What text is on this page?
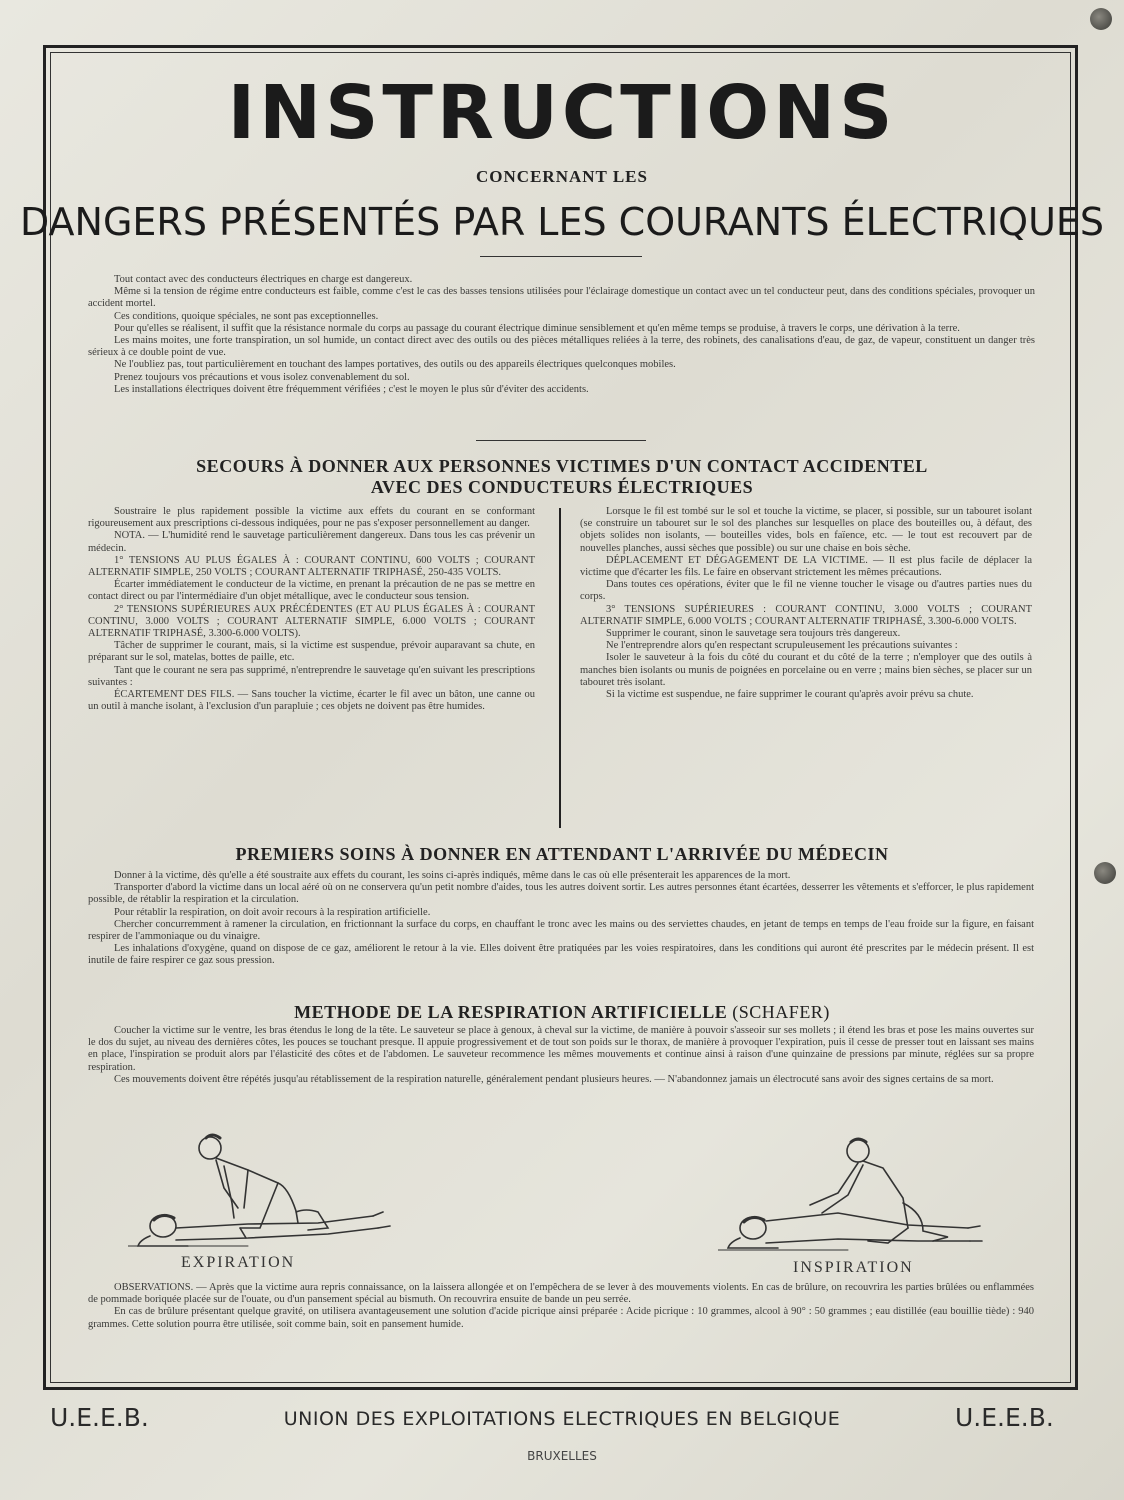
INSTRUCTIONS
CONCERNANT LES
DANGERS PRÉSENTÉS PAR LES COURANTS ÉLECTRIQUES

Tout contact avec des conducteurs électriques en charge est dangereux.

Même si la tension de régime entre conducteurs est faible, comme c'est le cas des basses tensions utilisées pour l'éclairage domestique un contact avec un tel conducteur peut, dans des conditions spéciales, provoquer un accident mortel.

Ces conditions, quoique spéciales, ne sont pas exceptionnelles.

Pour qu'elles se réalisent, il suffit que la résistance normale du corps au passage du courant électrique diminue sensiblement et qu'en même temps se produise, à travers le corps, une dérivation à la terre.

Les mains moites, une forte transpiration, un sol humide, un contact direct avec des outils ou des pièces métalliques reliées à la terre, des robinets, des canalisations d'eau, de gaz, de vapeur, constituent un danger très sérieux à ce double point de vue.

Ne l'oubliez pas, tout particulièrement en touchant des lampes portatives, des outils ou des appareils électriques quelconques mobiles.

Prenez toujours vos précautions et vous isolez convenablement du sol.

Les installations électriques doivent être fréquemment vérifiées ; c'est le moyen le plus sûr d'éviter des accidents.

SECOURS À DONNER AUX PERSONNES VICTIMES D'UN CONTACT ACCIDENTEL
AVEC DES CONDUCTEURS ÉLECTRIQUES

Soustraire le plus rapidement possible la victime aux effets du courant en se conformant rigoureusement aux prescriptions ci-dessous indiquées, pour ne pas s'exposer personnellement au danger.

NOTA. — L'humidité rend le sauvetage particulièrement dangereux. Dans tous les cas prévenir un médecin.

1° TENSIONS AU PLUS ÉGALES À : COURANT CONTINU, 600 VOLTS ; COURANT ALTERNATIF SIMPLE, 250 VOLTS ; COURANT ALTERNATIF TRIPHASÉ, 250-435 VOLTS.

Écarter immédiatement le conducteur de la victime, en prenant la précaution de ne pas se mettre en contact direct ou par l'intermédiaire d'un objet métallique, avec le conducteur sous tension.

2° TENSIONS SUPÉRIEURES AUX PRÉCÉDENTES (ET AU PLUS ÉGALES À : COURANT CONTINU, 3.000 VOLTS ; COURANT ALTERNATIF SIMPLE, 6.000 VOLTS ; COURANT ALTERNATIF TRIPHASÉ, 3.300-6.000 VOLTS).

Tâcher de supprimer le courant, mais, si la victime est suspendue, prévoir auparavant sa chute, en préparant sur le sol, matelas, bottes de paille, etc.

Tant que le courant ne sera pas supprimé, n'entreprendre le sauvetage qu'en suivant les prescriptions suivantes :

ÉCARTEMENT DES FILS. — Sans toucher la victime, écarter le fil avec un bâton, une canne ou un outil à manche isolant, à l'exclusion d'un parapluie ; ces objets ne doivent pas être humides.

Lorsque le fil est tombé sur le sol et touche la victime, se placer, si possible, sur un tabouret isolant (se construire un tabouret sur le sol des planches sur lesquelles on place des bouteilles ou, à défaut, des objets solides non isolants, — bouteilles vides, bols en faïence, etc. — le tout est recouvert par de nouvelles planches, aussi sèches que possible) ou sur une chaise en bois sèche.

DÉPLACEMENT ET DÉGAGEMENT DE LA VICTIME. — Il est plus facile de déplacer la victime que d'écarter les fils. Le faire en observant strictement les mêmes précautions.

Dans toutes ces opérations, éviter que le fil ne vienne toucher le visage ou d'autres parties nues du corps.

3° TENSIONS SUPÉRIEURES : COURANT CONTINU, 3.000 VOLTS ; COURANT ALTERNATIF SIMPLE, 6.000 VOLTS ; COURANT ALTERNATIF TRIPHASÉ, 3.300-6.000 VOLTS.

Supprimer le courant, sinon le sauvetage sera toujours très dangereux.

Ne l'entreprendre alors qu'en respectant scrupuleusement les précautions suivantes :

Isoler le sauveteur à la fois du côté du courant et du côté de la terre ; n'employer que des outils à manches bien isolants ou munis de poignées en porcelaine ou en verre ; mains bien sèches, se placer sur un tabouret très isolant.

Si la victime est suspendue, ne faire supprimer le courant qu'après avoir prévu sa chute.

PREMIERS SOINS À DONNER EN ATTENDANT L'ARRIVÉE DU MÉDECIN

Donner à la victime, dès qu'elle a été soustraite aux effets du courant, les soins ci-après indiqués, même dans le cas où elle présenterait les apparences de la mort.

Transporter d'abord la victime dans un local aéré où on ne conservera qu'un petit nombre d'aides, tous les autres doivent sortir. Les autres personnes étant écartées, desserrer les vêtements et s'efforcer, le plus rapidement possible, de rétablir la respiration et la circulation.

Pour rétablir la respiration, on doit avoir recours à la respiration artificielle.

Chercher concurremment à ramener la circulation, en frictionnant la surface du corps, en chauffant le tronc avec les mains ou des serviettes chaudes, en jetant de temps en temps de l'eau froide sur la figure, en faisant respirer de l'ammoniaque ou du vinaigre.

Les inhalations d'oxygène, quand on dispose de ce gaz, améliorent le retour à la vie. Elles doivent être pratiquées par les voies respiratoires, dans les conditions qui auront été prescrites par le médecin présent. Il est inutile de faire respirer ce gaz sous pression.

METHODE DE LA RESPIRATION ARTIFICIELLE (SCHAFER)

Coucher la victime sur le ventre, les bras étendus le long de la tête. Le sauveteur se place à genoux, à cheval sur la victime, de manière à pouvoir s'asseoir sur ses mollets ; il étend les bras et pose les mains ouvertes sur le dos du sujet, au niveau des dernières côtes, les pouces se touchant presque. Il appuie progressivement et de tout son poids sur le thorax, de manière à provoquer l'expiration, puis il cesse de presser tout en laissant ses mains en place, l'inspiration se produit alors par l'élasticité des côtes et de l'abdomen. Le sauveteur recommence les mêmes mouvements et continue ainsi à raison d'une quinzaine de pressions par minute, réglées sur sa propre respiration.

Ces mouvements doivent être répétés jusqu'au rétablissement de la respiration naturelle, généralement pendant plusieurs heures. — N'abandonnez jamais un électrocuté sans avoir des signes certains de sa mort.

EXPIRATION	INSPIRATION

OBSERVATIONS. — Après que la victime aura repris connaissance, on la laissera allongée et on l'empêchera de se lever à des mouvements violents. En cas de brûlure, on recouvrira les parties brûlées ou enflammées de pommade boriquée placée sur de l'ouate, ou d'un pansement spécial au bismuth. On recouvrira ensuite de bande un peu serrée.

En cas de brûlure présentant quelque gravité, on utilisera avantageusement une solution d'acide picrique ainsi préparée : Acide picrique : 10 grammes, alcool à 90° : 50 grammes ; eau distillée (eau bouillie tiède) : 940 grammes. Cette solution pourra être utilisée, soit comme bain, soit en pansement humide.

U.E.E.B.	UNION DES EXPLOITATIONS ELECTRIQUES EN BELGIQUE	U.E.E.B.
BRUXELLES
